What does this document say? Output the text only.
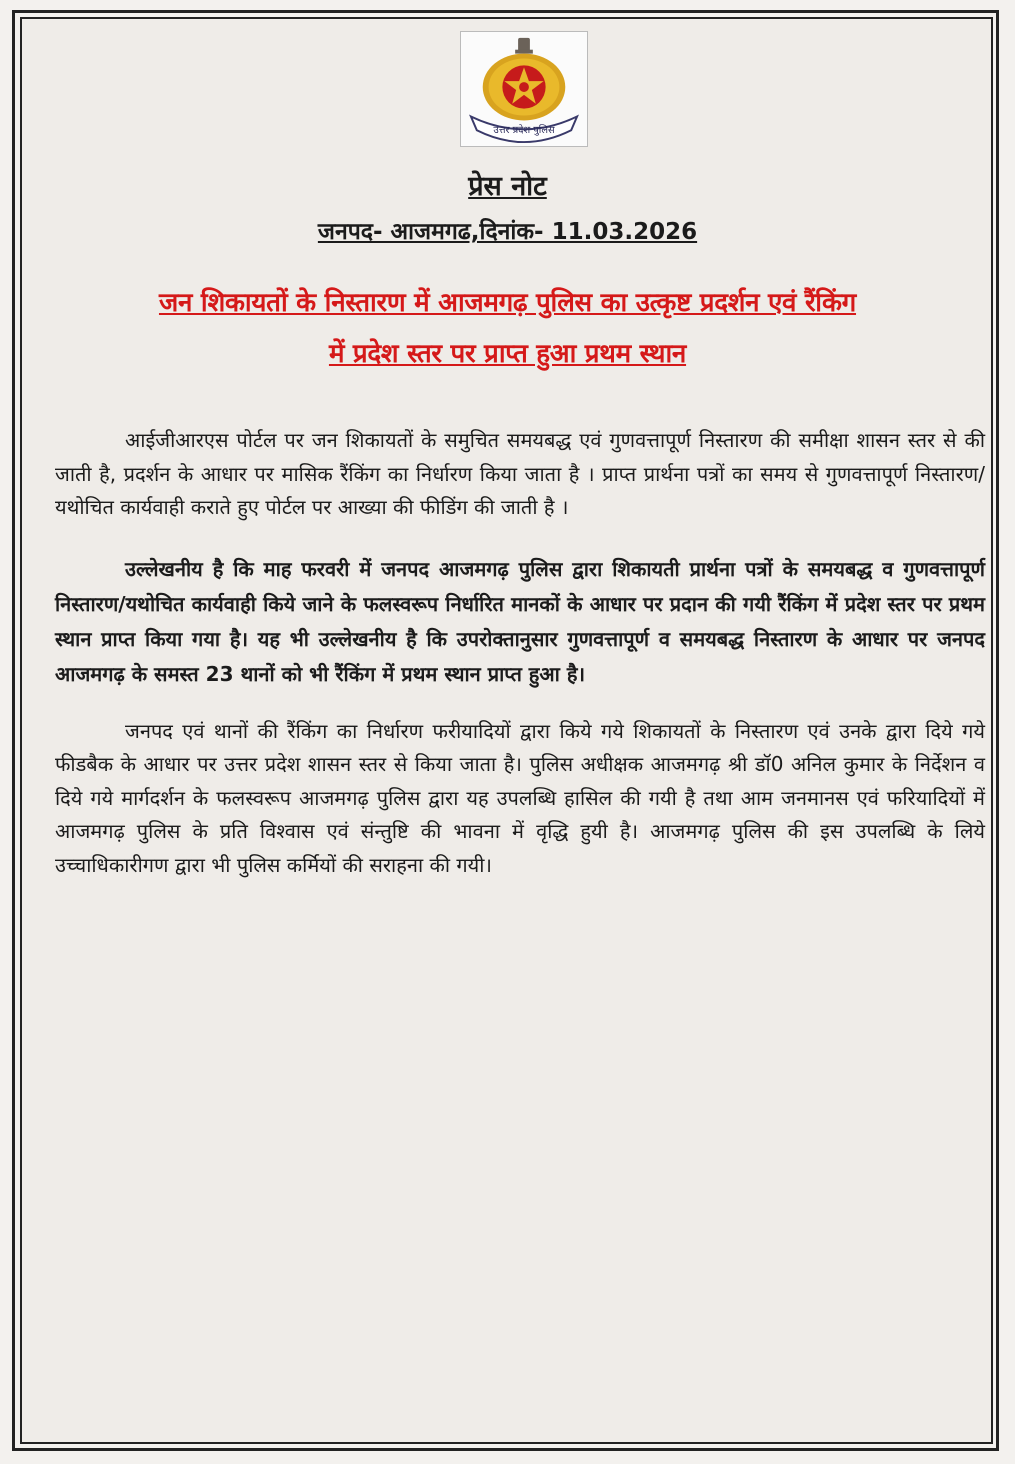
उत्तर प्रदेश पुलिस
प्रेस नोट
जनपद- आजमगढ,दिनांक- 11.03.2026
जन शिकायतों के निस्तारण में आजमगढ़ पुलिस का उत्कृष्ट प्रदर्शन एवं रैंकिंग
में प्रदेश स्तर पर प्राप्त हुआ प्रथम स्थान

आईजीआरएस पोर्टल पर जन शिकायतों के समुचित समयबद्ध एवं गुणवत्तापूर्ण निस्तारण की समीक्षा शासन स्तर से की जाती है, प्रदर्शन के आधार पर मासिक रैंकिंग का निर्धारण किया जाता है । प्राप्त प्रार्थना पत्रों का समय से गुणवत्तापूर्ण निस्तारण/यथोचित कार्यवाही कराते हुए पोर्टल पर आख्या की फीडिंग की जाती है ।

उल्लेखनीय है कि माह फरवरी में जनपद आजमगढ़ पुलिस द्वारा शिकायती प्रार्थना पत्रों के समयबद्ध व गुणवत्तापूर्ण निस्तारण/यथोचित कार्यवाही किये जाने के फलस्वरूप निर्धारित मानकों के आधार पर प्रदान की गयी रैंकिंग में प्रदेश स्तर पर प्रथम स्थान प्राप्त किया गया है। यह भी उल्लेखनीय है कि उपरोक्तानुसार गुणवत्तापूर्ण व समयबद्ध निस्तारण के आधार पर जनपद आजमगढ़ के समस्त 23 थानों को भी रैंकिंग में प्रथम स्थान प्राप्त हुआ है।

जनपद एवं थानों की रैंकिंग का निर्धारण फरीयादियों द्वारा किये गये शिकायतों के निस्तारण एवं उनके द्वारा दिये गये फीडबैक के आधार पर उत्तर प्रदेश शासन स्तर से किया जाता है। पुलिस अधीक्षक आजमगढ़ श्री डॉ0 अनिल कुमार के निर्देशन व दिये गये मार्गदर्शन के फलस्वरूप आजमगढ़ पुलिस द्वारा यह उपलब्धि हासिल की गयी है तथा आम जनमानस एवं फरियादियों में आजमगढ़ पुलिस के प्रति विश्वास एवं संन्तुष्टि की भावना में वृद्धि हुयी है। आजमगढ़ पुलिस की इस उपलब्धि के लिये उच्चाधिकारीगण द्वारा भी पुलिस कर्मियों की सराहना की गयी।
